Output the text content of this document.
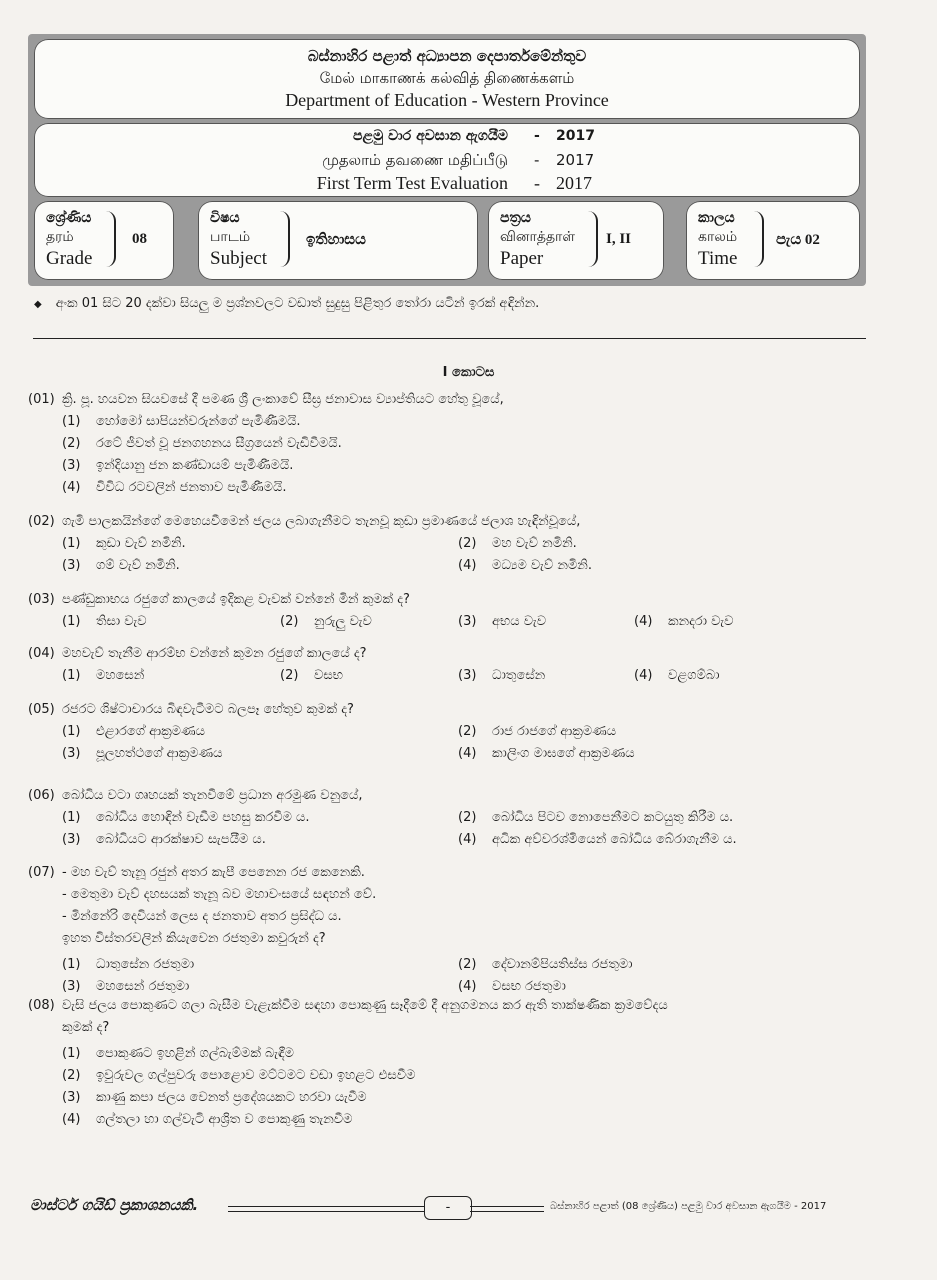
බස්නාහිර පළාත් අධ්‍යාපන දෙපාර්තමේන්තුව
மேல் மாகாணக் கல்வித் திணைக்களம்
Department of Education - Western Province
පළමු වාර අවසාන ඇගයීම - 2017
முதலாம் தவணை மதிப்பீடு - 2017
First Term Test Evaluation - 2017
ශ්‍රේණිය
தரம்
Grade
08
විෂය
பாடம்
Subject
ඉතිහාසය
පත්‍රය
வினாத்தாள்
Paper
I, II
කාලය
காலம்
Time
පැය 02
◆ අංක 01 සිට 20 දක්වා සියලු ම ප්‍රශ්නවලට වඩාත් සුදුසු පිළිතුර තෝරා යටින් ඉරක් අඳින්න.
I කොටස
(01) ක්‍රි. පූ. හයවන සියවසේ දී පමණ ශ්‍රී ලංකාවේ සීඝ්‍ර ජනාවාස ව්‍යාප්තියට හේතු වූයේ,
(1) හෝමෝ සාපියන්වරුන්ගේ පැමිණීමයි.
(2) රටේ ජීවත් වූ ජනගහනය සීග්‍රයෙන් වැඩිවීමයි.
(3) ඉන්දියානු ජන කණ්ඩායම් පැමිණීමයි.
(4) විවිධ රටවලින් ජනතාව පැමිණීමයි.
(02) ගැමි පාලකයින්ගේ මෙහෙයවීමෙන් ජලය ලබාගැනීමට තැනවූ කුඩා ප්‍රමාණයේ ජලාශ හැඳින්වූයේ,
(1) කුඩා වැව් නමිනි.	(2) මහ වැව් නමිනි.
(3) ගම් වැව් නමිනි.	(4) මධ්‍යම වැව් නමිනි.
(03) පණ්ඩුකාභය රජුගේ කාලයේ ඉදිකළ වැවක් වන්නේ මින් කුමක් ද?
(1) තිසා වැව	(2) නුරුලු වැව	(3) අභය වැව	(4) කනදරා වැව
(04) මහවැව් තැනීම ආරම්භ වන්නේ කුමන රජුගේ කාලයේ ද?
(1) මහසෙන්	(2) වසභ	(3) ධාතුසේන	(4) වළගම්බා
(05) රජරට ශිෂ්ටාචාරය බිඳවැටීමට බලපෑ හේතුව කුමක් ද?
(1) එළාරගේ ආක්‍රමණය	(2) රාජ රාජගේ ආක්‍රමණය
(3) පූලහත්ථගේ ආක්‍රමණය	(4) කාලිංග මාඝගේ ආක්‍රමණය
(06) බෝධිය වටා ගෘහයක් තැනවීමේ ප්‍රධාන අරමුණ වනුයේ,
(1) බෝධිය හොඳින් වැඩීම පහසු කරවීම ය.	(2) බෝධිය පිටව නොපෙනීමට කටයුතු කිරීම ය.
(3) බෝධියට ආරක්ෂාව සැපයීම ය.	(4) අධික අව්වරශ්මියෙන් බෝධිය බේරාගැනීම ය.
(07) - මහ වැව් තැනූ රජුන් අතර කැපී පෙනෙන රජ කෙනෙකි.
- මෙතුමා වැව් දහසයක් තැනූ බව මහාවංසයේ සඳහන් වේ.
- මින්නේරි දෙවියන් ලෙස ද ජනතාව අතර ප්‍රසිද්ධ ය.
ඉහත විස්තරවලින් කියැවෙන රජතුමා කවුරුන් ද?
(1) ධාතුසේන රජතුමා	(2) දේවානම්පියතිස්ස රජතුමා
(3) මහසෙන් රජතුමා	(4) වසභ රජතුමා
(08) වැසි ජලය පොකුණට ගලා බැසීම වැළැක්වීම සඳහා පොකුණු සෑදීමේ දී අනුගමනය කර ඇති තාක්ෂණික ක්‍රමවේදය
කුමක් ද?
(1) පොකුණට ඉහළින් ගල්බැම්මක් බැඳීම
(2) ඉවුරුවල ගල්පුවරු පොළොව මට්ටමට වඩා ඉහළට එසවීම
(3) කාණු කපා ජලය වෙනත් ප්‍රදේශයකට හරවා යැවීම
(4) ගල්තලා හා ගල්වැටි ආශ්‍රිත ව පොකුණු තැනවීම
මාස්ටර් ගයිඩ් ප්‍රකාශනයකි.	-	බස්නාහිර පළාත් (08 ශ්‍රේණිය) පළමු වාර අවසාන ඇගයීම - 2017
